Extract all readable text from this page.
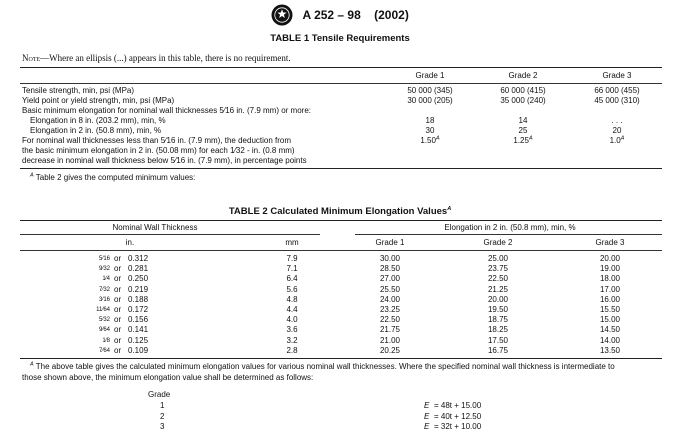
A 252 – 98 (2002)
TABLE 1 Tensile Requirements
Note—Where an ellipsis (...) appears in this table, there is no requirement.
Grade 1	Grade 2	Grade 3
Tensile strength, min, psi (MPa)	50 000 (345)	60 000 (415)	66 000 (455)
Yield point or yield strength, min, psi (MPa)	30 000 (205)	35 000 (240)	45 000 (310)
Basic minimum elongation for nominal wall thicknesses 5⁄16 in. (7.9 mm) or more:
Elongation in 8 in. (203.2 mm), min, %	18	14	. . .
Elongation in 2 in. (50.8 mm), min, %	30	25	20
For nominal wall thicknesses less than 5⁄16 in. (7.9 mm), the deduction from	$1.50^A$	$1.25^A$	$1.0^A$
the basic minimum elongation in 2 in. (50.08 mm) for each 1⁄32 - in. (0.8 mm)
decrease in nominal wall thickness below 5⁄16 in. (7.9 mm), in percentage points
$^A$ Table 2 gives the computed minimum values:
TABLE 2 Calculated Minimum Elongation Values$^A$
Nominal Wall Thickness	Elongation in 2 in. (50.8 mm), min, %
in.	mm	Grade 1	Grade 2	Grade 3
5⁄16 or 0.312	7.9	30.00	25.00	20.00
9⁄32 or 0.281	7.1	28.50	23.75	19.00
1⁄4 or 0.250	6.4	27.00	22.50	18.00
7⁄32 or 0.219	5.6	25.50	21.25	17.00
3⁄16 or 0.188	4.8	24.00	20.00	16.00
11⁄64 or 0.172	4.4	23.25	19.50	15.50
5⁄32 or 0.156	4.0	22.50	18.75	15.00
9⁄64 or 0.141	3.6	21.75	18.25	14.50
1⁄8 or 0.125	3.2	21.00	17.50	14.00
7⁄64 or 0.109	2.8	20.25	16.75	13.50
$^A$ The above table gives the calculated minimum elongation values for various nominal wall thicknesses. Where the specified nominal wall thickness is intermediate to
those shown above, the minimum elongation value shall be determined as follows:
Grade
1	E = 48t + 15.00
2	E = 40t + 12.50
3	E = 32t + 10.00
